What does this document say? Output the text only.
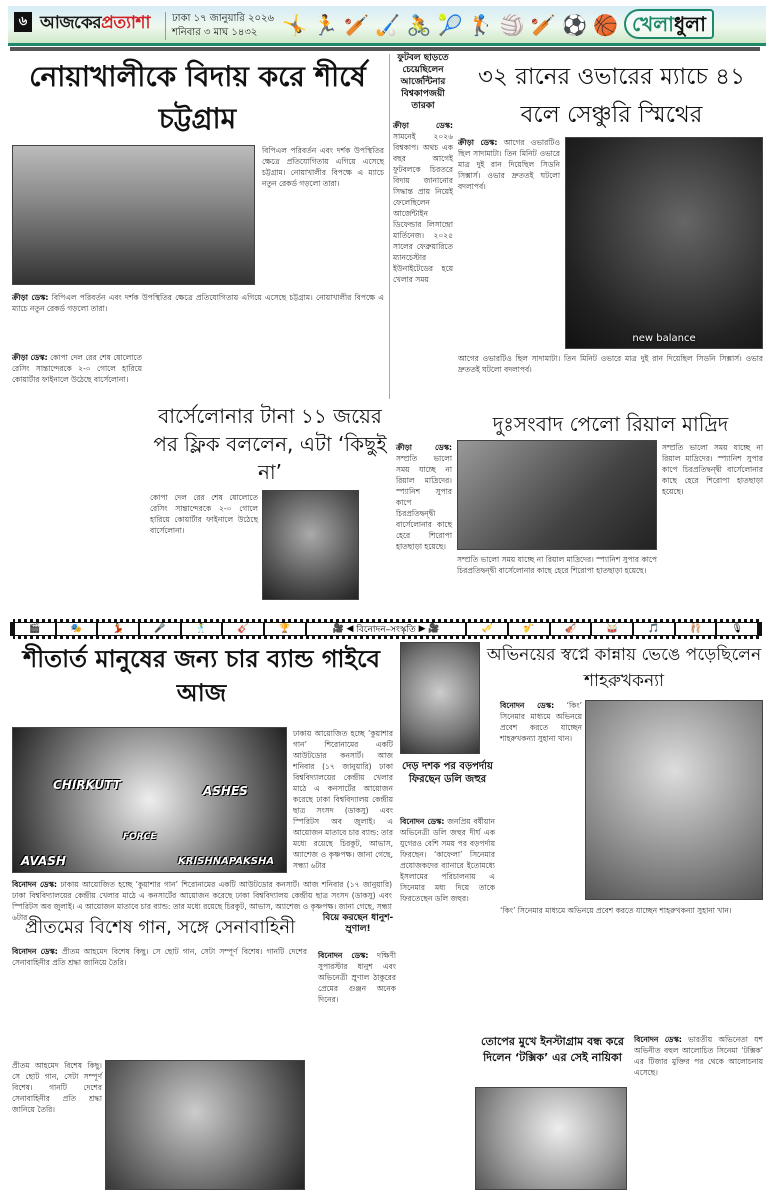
৬ আজকেরপ্রত্যাশা	ঢাকা ১৭ জানুয়ারি ২০২৬
শনিবার ৩ মাঘ ১৪৩২	🤸 🏃 🏏 🏑 🚴 🎾 🏌 🏐 🏏 ⚽ 🏀 খেলাধুলা
নোয়াখালীকে বিদায় করে শীর্ষে চট্টগ্রাম
বিপিএল পরিবর্তন এবং দর্শক উপস্থিতির ক্ষেত্রে প্রতিযোগিতায় এগিয়ে এসেছে চট্টগ্রাম। নোয়াখালীর বিপক্ষে এ ম্যাচে নতুন রেকর্ড গড়লো তারা।
ক্রীড়া ডেস্ক: বিপিএল পরিবর্তন এবং দর্শক উপস্থিতির ক্ষেত্রে প্রতিযোগিতায় এগিয়ে এসেছে চট্টগ্রাম। নোয়াখালীর বিপক্ষে এ ম্যাচে নতুন রেকর্ড গড়লো তারা।
ফুটবল ছাড়তে চেয়েছিলেন আর্জেন্টিনার বিশ্বকাপজয়ী তারকা
ক্রীড়া ডেস্ক: সামনেই ২০২৬ বিশ্বকাপ। অথচ এক বছর আগেই ফুটবলকে চিরতরে বিদায় জানানোর সিদ্ধান্ত প্রায় নিয়েই ফেলেছিলেন আর্জেন্টাইন ডিফেন্ডার লিসান্দ্রো মার্তিনেজ। ২০২৫ সালের ফেব্রুয়ারিতে ম্যানচেস্টার ইউনাইটেডের হয়ে খেলার সময়
৩২ রানের ওভারের ম্যাচে ৪১ বলে সেঞ্চুরি স্মিথের
ক্রীড়া ডেস্ক: আগের ওভারটিও ছিল সাদামাটা। তিন মিনিট ওভারে মাত্র দুই রান দিয়েছিল সিডনি সিক্সার্স। ওভার দ্রুততই ঘটলো বদলাপর্ব।
new balance
আগের ওভারটিও ছিল সাদামাটা। তিন মিনিট ওভারে মাত্র দুই রান দিয়েছিল সিডনি সিক্সার্স। ওভার দ্রুততই ঘটলো বদলাপর্ব।
ক্রীড়া ডেস্ক: কোপা দেল রের শেষ ষোলোতে রেসিং সান্তান্দেরকে ২-০ গোলে হারিয়ে কোয়ার্টার ফাইনালে উঠেছে বার্সেলোনা।
বার্সেলোনার টানা ১১ জয়ের পর ফ্লিক বললেন, এটা ‘কিছুই না’
কোপা দেল রের শেষ ষোলোতে রেসিং সান্তান্দেরকে ২-০ গোলে হারিয়ে কোয়ার্টার ফাইনালে উঠেছে বার্সেলোনা।
দুঃসংবাদ পেলো রিয়াল মাদ্রিদ
ক্রীড়া ডেস্ক: সম্প্রতি ভালো সময় যাচ্ছে না রিয়াল মাদ্রিদের। স্প্যানিশ সুপার কাপে চিরপ্রতিদ্বন্দ্বী বার্সেলোনার কাছে হেরে শিরোপা হাতছাড়া হয়েছে।
সম্প্রতি ভালো সময় যাচ্ছে না রিয়াল মাদ্রিদের। স্প্যানিশ সুপার কাপে চিরপ্রতিদ্বন্দ্বী বার্সেলোনার কাছে হেরে শিরোপা হাতছাড়া হয়েছে।
সম্প্রতি ভালো সময় যাচ্ছে না রিয়াল মাদ্রিদের। স্প্যানিশ সুপার কাপে চিরপ্রতিদ্বন্দ্বী বার্সেলোনার কাছে হেরে শিরোপা হাতছাড়া হয়েছে।
🎬	🎭	💃	🎤	🕺	🎸	🏆	🎥 ◀
বিনোদন–সংস্কৃতি
▶ 🎥	🎺	🎷	🎻	🥁	🎵	🩰	🎙
শীতার্ত মানুষের জন্য চার ব্যান্ড গাইবে আজ
CHIRKUTT	ASHES
AVASH
FORCE
KRISHNAPAKSHA
ঢাকায় আয়োজিত হচ্ছে ‘কুয়াশার গান’ শিরোনামের একটি আউটডোর কনসার্ট। আজ শনিবার (১৭ জানুয়ারি) ঢাকা বিশ্ববিদ্যালয়ের কেন্দ্রীয় খেলার মাঠে এ কনসার্টের আয়োজন করেছে ঢাকা বিশ্ববিদ্যালয় কেন্দ্রীয় ছাত্র সংসদ (ডাকসু) এবং স্পিরিটস অব জুলাই। এ আয়োজন মাতাবে চার ব্যান্ড: তার মধ্যে রয়েছে চিরকুট, আভাস, অ্যাশেজ ও কৃষ্ণপক্ষ। জানা গেছে, সন্ধ্যা ৬টার
বিনোদন ডেস্ক: ঢাকায় আয়োজিত হচ্ছে ‘কুয়াশার গান’ শিরোনামের একটি আউটডোর কনসার্ট। আজ শনিবার (১৭ জানুয়ারি) ঢাকা বিশ্ববিদ্যালয়ের কেন্দ্রীয় খেলার মাঠে এ কনসার্টের আয়োজন করেছে ঢাকা বিশ্ববিদ্যালয় কেন্দ্রীয় ছাত্র সংসদ (ডাকসু) এবং স্পিরিটস অব জুলাই। এ আয়োজন মাতাবে চার ব্যান্ড: তার মধ্যে রয়েছে চিরকুট, আভাস, অ্যাশেজ ও কৃষ্ণপক্ষ। জানা গেছে, সন্ধ্যা ৬টার
দেড় দশক পর বড়পর্দায় ফিরছেন ডলি জহুর
বিনোদন ডেস্ক: জনপ্রিয় বর্ষীয়ান অভিনেত্রী ডলি জহুর দীর্ঘ এক যুগেরও বেশি সময় পর বড়পর্দায় ফিরছেন। ‘কাফেলা’ সিনেমার প্রযোজকদের ব্যানারে ইতোমধ্যে ইসলামের পরিচালনায় এ সিনেমার মধ্য দিয়ে তাকে ফিরতেছেন ডলি জহুর।
অভিনয়ের স্বপ্নে কান্নায় ভেঙে পড়েছিলেন শাহরুখকন্যা
বিনোদন ডেস্ক: ‘কিং’ সিনেমার মাধ্যমে অভিনয়ে প্রবেশ করতে যাচ্ছেন শাহরুখকন্যা সুহানা খান।
‘কিং’ সিনেমার মাধ্যমে অভিনয়ে প্রবেশ করতে যাচ্ছেন শাহরুখকন্যা সুহানা খান।
প্রীতমের বিশেষ গান, সঙ্গে সেনাবাহিনী
বিনোদন ডেস্ক: প্রীতম আহমেদ বিশেষ কিছু। সে ছোট গান, সেটা সম্পূর্ণ বিশেষ। গানটি দেশের সেনাবাহিনীর প্রতি শ্রদ্ধা জানিয়ে তৈরি।
প্রীতম আহমেদ বিশেষ কিছু। সে ছোট গান, সেটা সম্পূর্ণ বিশেষ। গানটি দেশের সেনাবাহিনীর প্রতি শ্রদ্ধা জানিয়ে তৈরি।
বিয়ে করছেন ধানুশ-ম্রুণাল!
বিনোদন ডেস্ক: দক্ষিণী সুপারস্টার ধানুশ এবং অভিনেত্রী ম্রুণাল ঠাকুরের প্রেমের গুঞ্জন অনেক দিনের।
তোপের মুখে ইনস্টাগ্রাম বন্ধ করে দিলেন ‘টক্সিক’ এর সেই নায়িকা
বিনোদন ডেস্ক: ভারতীয় অভিনেতা যশ অভিনীত বহুল আলোচিত সিনেমা ‘টক্সিক’ এর টিজার মুক্তির পর থেকে আলোচনায় এসেছে।
